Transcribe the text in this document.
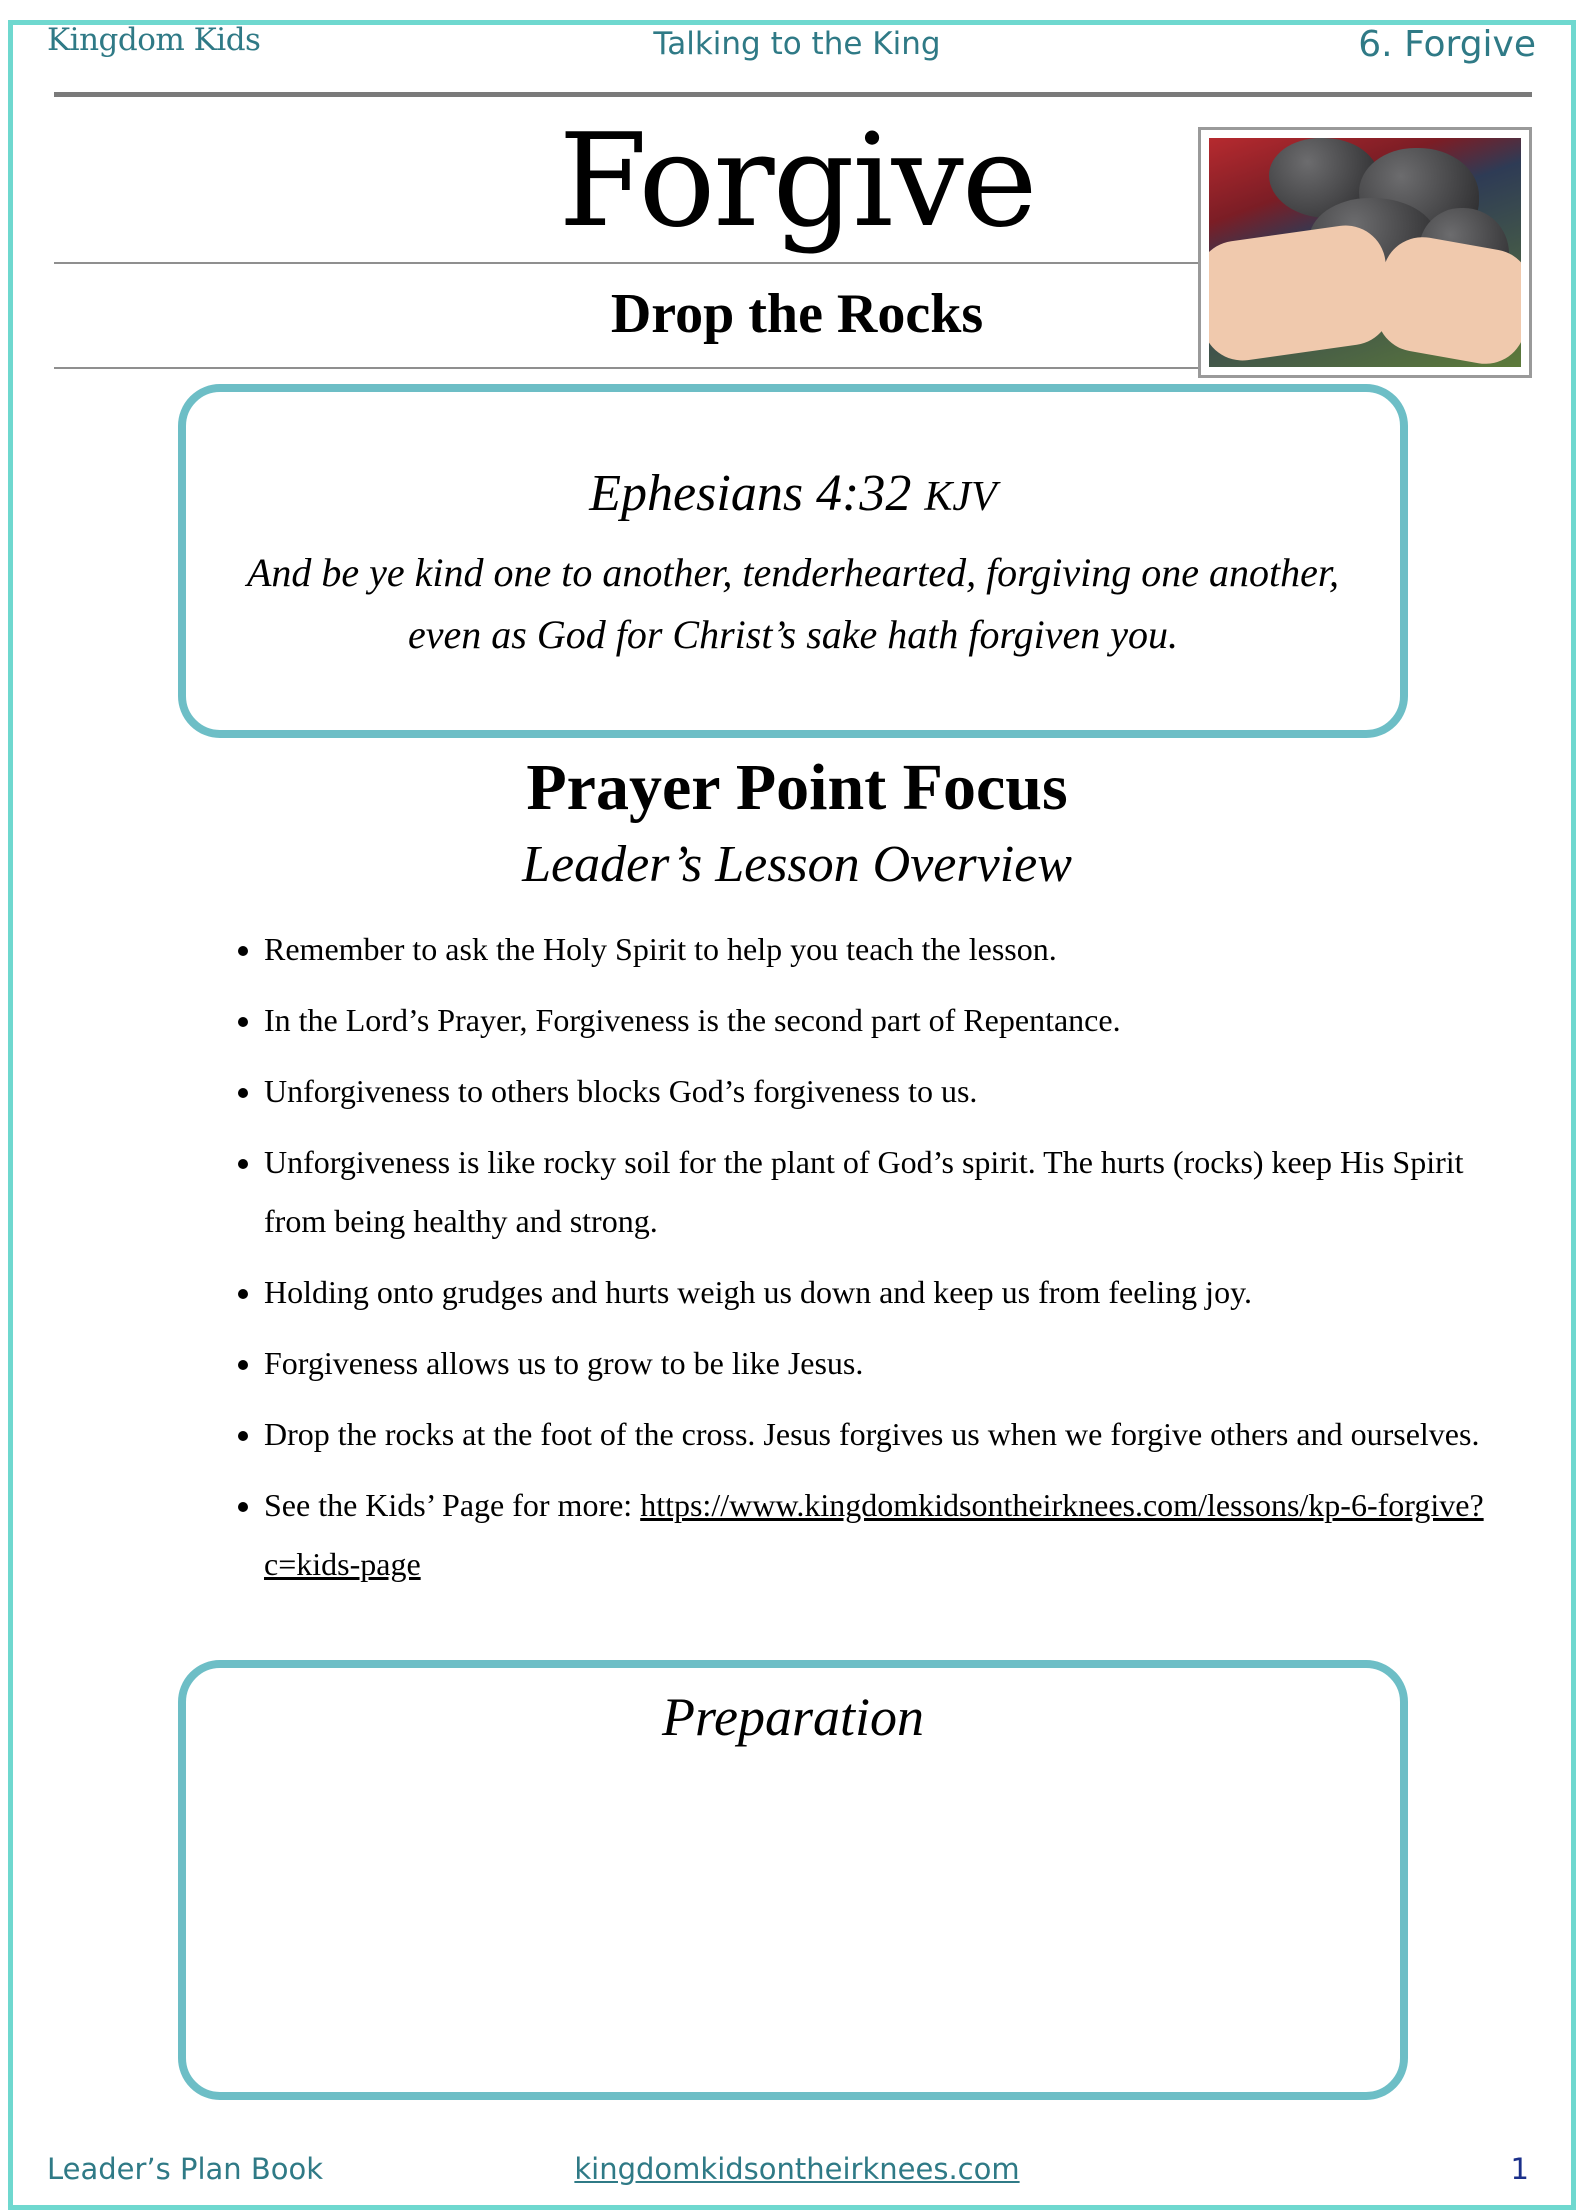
Kingdom Kids	Talking to the King	6. Forgive
Forgive
Drop the Rocks
Ephesians 4:32 KJV
And be ye kind one to another, tenderhearted, forgiving one another, even as God for Christ’s sake hath forgiven you.
Prayer Point Focus
Leader’s Lesson Overview
• Remember to ask the Holy Spirit to help you teach the lesson.
• In the Lord’s Prayer, Forgiveness is the second part of Repentance.
• Unforgiveness to others blocks God’s forgiveness to us.
• Unforgiveness is like rocky soil for the plant of God’s spirit. The hurts (rocks) keep His Spirit from being healthy and strong.
• Holding onto grudges and hurts weigh us down and keep us from feeling joy.
• Forgiveness allows us to grow to be like Jesus.
• Drop the rocks at the foot of the cross. Jesus forgives us when we forgive others and ourselves.
• See the Kids’ Page for more: https://www.kingdomkidsontheirknees.com/lessons/kp-6-forgive?c=kids-page
Preparation
Leader’s Plan Book	kingdomkidsontheirknees.com	1
